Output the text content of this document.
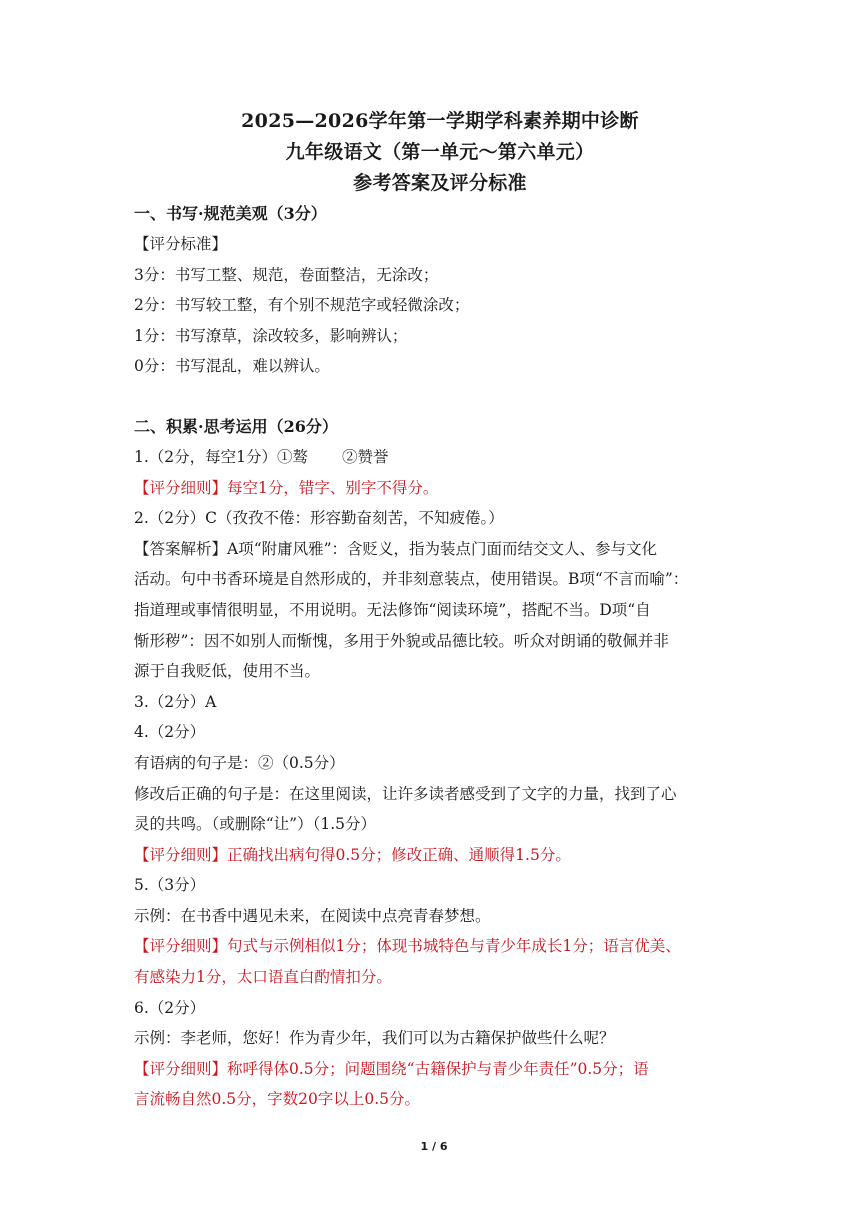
2025—2026学年第一学期学科素养期中诊断
九年级语文（第一单元～第六单元）
参考答案及评分标准
一、书写·规范美观（3分）
【评分标准】
3分：书写工整、规范，卷面整洁，无涂改；
2分：书写较工整，有个别不规范字或轻微涂改；
1分：书写潦草，涂改较多，影响辨认；
0分：书写混乱，难以辨认。
二、积累·思考运用（26分）
1.（2分，每空1分）①骜 ②赞誉
【评分细则】每空1分，错字、别字不得分。
2.（2分）C（孜孜不倦：形容勤奋刻苦，不知疲倦。）
【答案解析】A项“附庸风雅”：含贬义，指为装点门面而结交文人、参与文化
活动。句中书香环境是自然形成的，并非刻意装点，使用错误。B项“不言而喻”：
指道理或事情很明显，不用说明。无法修饰“阅读环境”，搭配不当。D项“自
惭形秽”：因不如别人而惭愧，多用于外貌或品德比较。听众对朗诵的敬佩并非
源于自我贬低，使用不当。
3.（2分）A
4.（2分）
有语病的句子是：②（0.5分）
修改后正确的句子是：在这里阅读，让许多读者感受到了文字的力量，找到了心
灵的共鸣。（或删除“让”）（1.5分）
【评分细则】正确找出病句得0.5分；修改正确、通顺得1.5分。
5.（3分）
示例：在书香中遇见未来，在阅读中点亮青春梦想。
【评分细则】句式与示例相似1分；体现书城特色与青少年成长1分；语言优美、
有感染力1分，太口语直白酌情扣分。
6.（2分）
示例：李老师，您好！作为青少年，我们可以为古籍保护做些什么呢？
【评分细则】称呼得体0.5分；问题围绕“古籍保护与青少年责任”0.5分；语
言流畅自然0.5分，字数20字以上0.5分。
1 / 6
